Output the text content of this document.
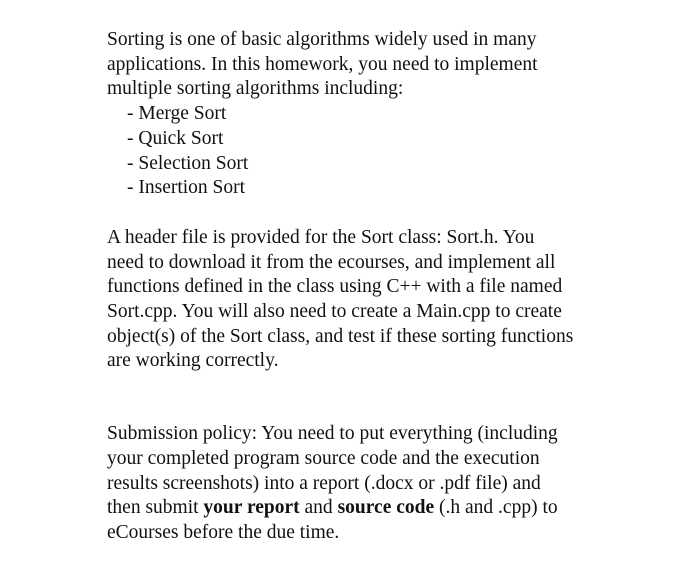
Sorting is one of basic algorithms widely used in many
applications. In this homework, you need to implement
multiple sorting algorithms including:
- Merge Sort
- Quick Sort
- Selection Sort
- Insertion Sort
A header file is provided for the Sort class: Sort.h. You
need to download it from the ecourses, and implement all
functions defined in the class using C++ with a file named
Sort.cpp. You will also need to create a Main.cpp to create
object(s) of the Sort class, and test if these sorting functions
are working correctly.
Submission policy: You need to put everything (including
your completed program source code and the execution
results screenshots) into a report (.docx or .pdf file) and
then submit your report and source code (.h and .cpp) to
eCourses before the due time.
